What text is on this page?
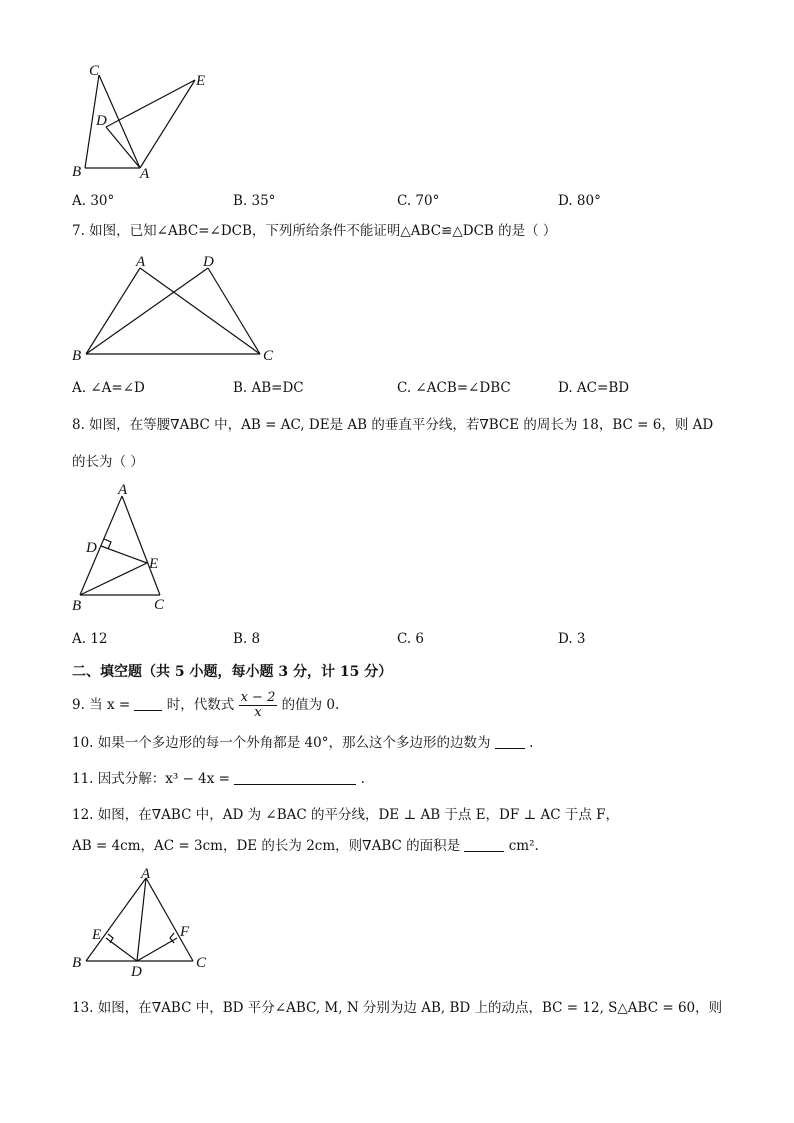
C
E
D
B	A
A. 30°	B. 35°	C. 70°	D. 80°
7. 如图，已知∠ABC=∠DCB，下列所给条件不能证明△ABC≌△DCB 的是（ ）
A	D
B	C
A. ∠A=∠D	B. AB=DC	C. ∠ACB=∠DBC	D. AC=BD
8. 如图，在等腰∇ABC 中，AB = AC, DE是 AB 的垂直平分线，若∇BCE 的周长为 18，BC = 6，则 AD
的长为（ ）
A
D
E
B	C
A. 12	B. 8	C. 6	D. 3
二、填空题（共 5 小题，每小题 3 分，计 15 分）
9. 当 x =	时，代数式 $\frac{x - 2}{x}$ 的值为 0.
10. 如果一个多边形的每一个外角都是 40°，那么这个多边形的边数为	.
11. 因式分解：x³ − 4x =	.
12. 如图，在∇ABC 中，AD 为 ∠BAC 的平分线，DE ⊥ AB 于点 E，DF ⊥ AC 于点 F，
AB = 4cm，AC = 3cm，DE 的长为 2cm，则∇ABC 的面积是	cm².
A
E	F
B
D
C
13. 如图，在∇ABC 中，BD 平分∠ABC, M, N 分别为边 AB, BD 上的动点，BC = 12, S△ABC = 60，则
